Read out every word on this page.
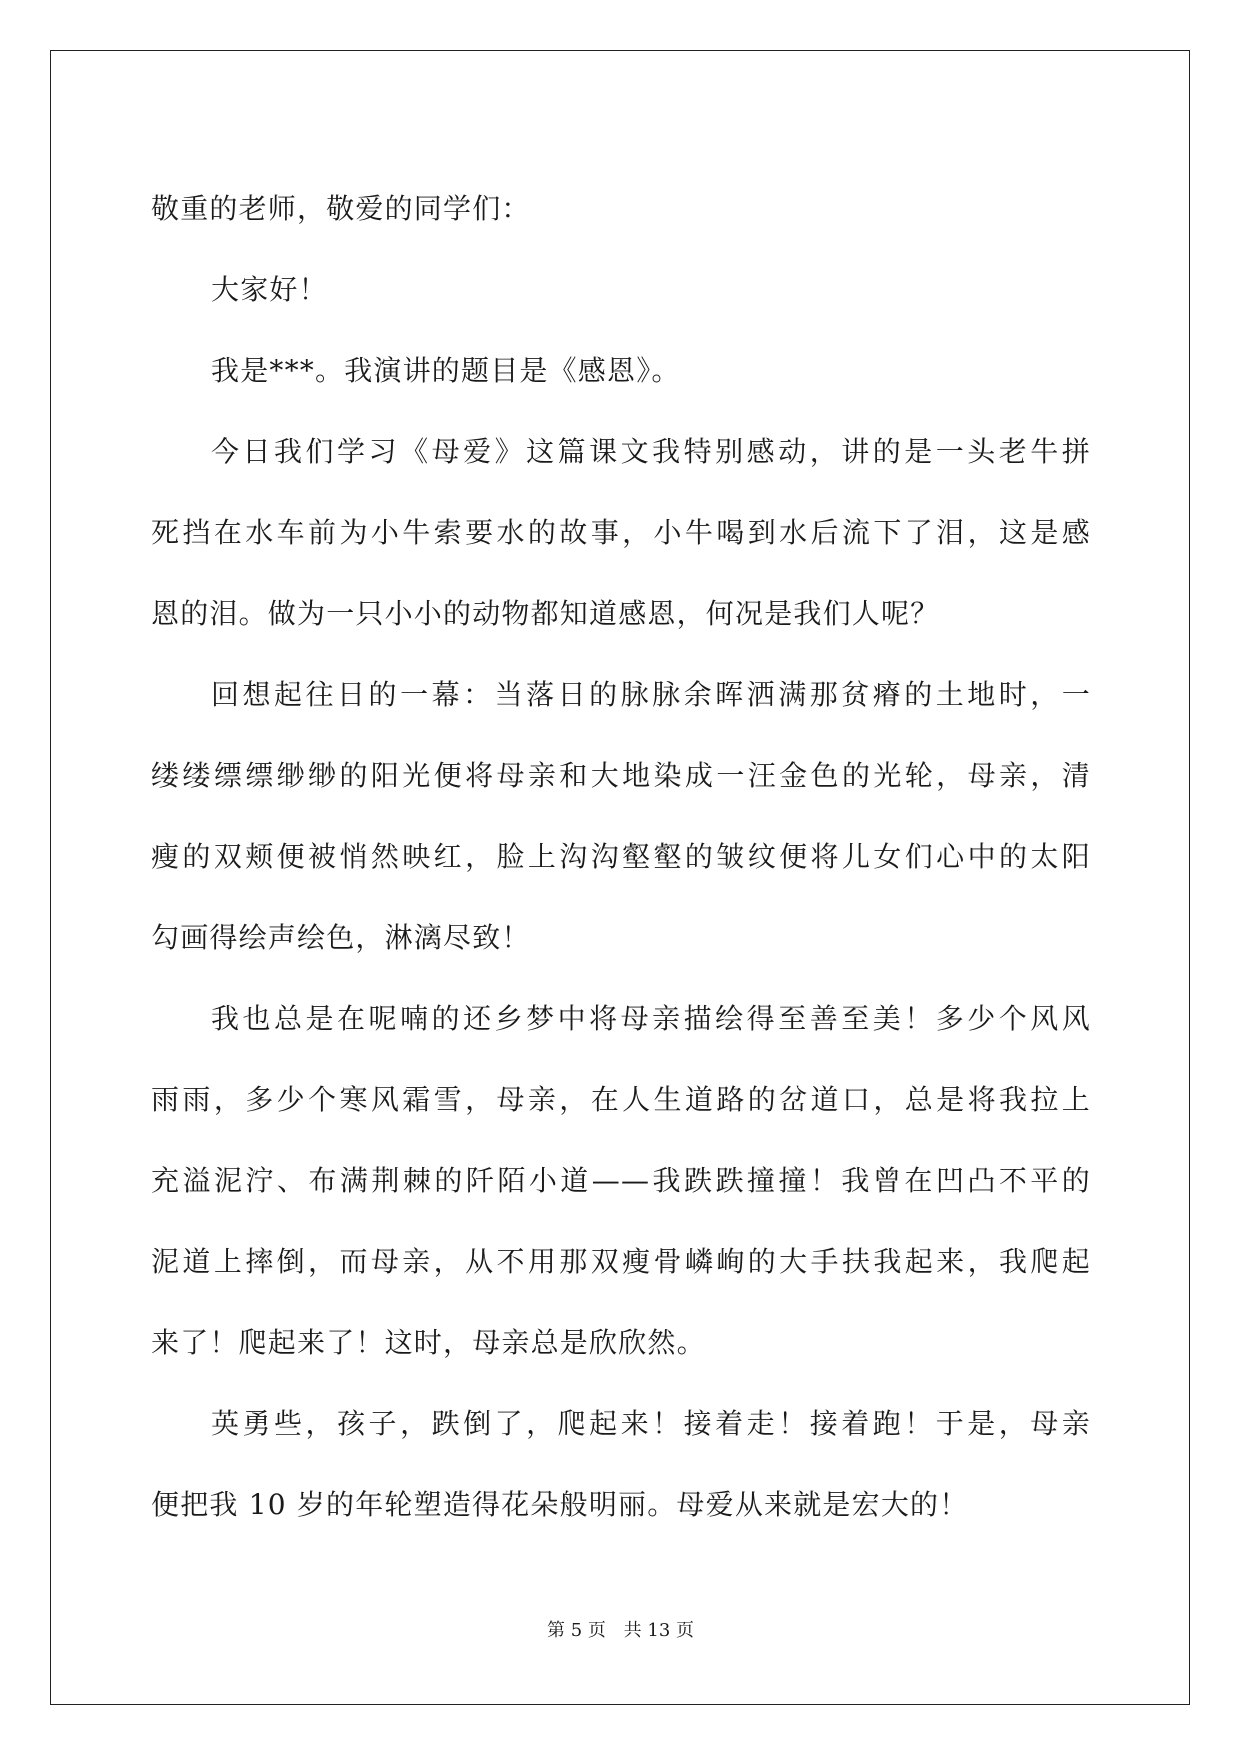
敬重的老师，敬爱的同学们：
大家好！
我是***。我演讲的题目是《感恩》。
今日我们学习《母爱》这篇课文我特别感动，讲的是一头老牛拼
死挡在水车前为小牛索要水的故事，小牛喝到水后流下了泪，这是感
恩的泪。做为一只小小的动物都知道感恩，何况是我们人呢？
回想起往日的一幕：当落日的脉脉余晖洒满那贫瘠的土地时，一
缕缕缥缥缈缈的阳光便将母亲和大地染成一汪金色的光轮，母亲，清
瘦的双颊便被悄然映红，脸上沟沟壑壑的皱纹便将儿女们心中的太阳
勾画得绘声绘色，淋漓尽致！
我也总是在呢喃的还乡梦中将母亲描绘得至善至美！多少个风风
雨雨，多少个寒风霜雪，母亲，在人生道路的岔道口，总是将我拉上
充溢泥泞、布满荆棘的阡陌小道——我跌跌撞撞！我曾在凹凸不平的
泥道上摔倒，而母亲，从不用那双瘦骨嶙峋的大手扶我起来，我爬起
来了！爬起来了！这时，母亲总是欣欣然。
英勇些，孩子，跌倒了，爬起来！接着走！接着跑！于是，母亲
便把我 10 岁的年轮塑造得花朵般明丽。母爱从来就是宏大的！
第 5 页 共 13 页
